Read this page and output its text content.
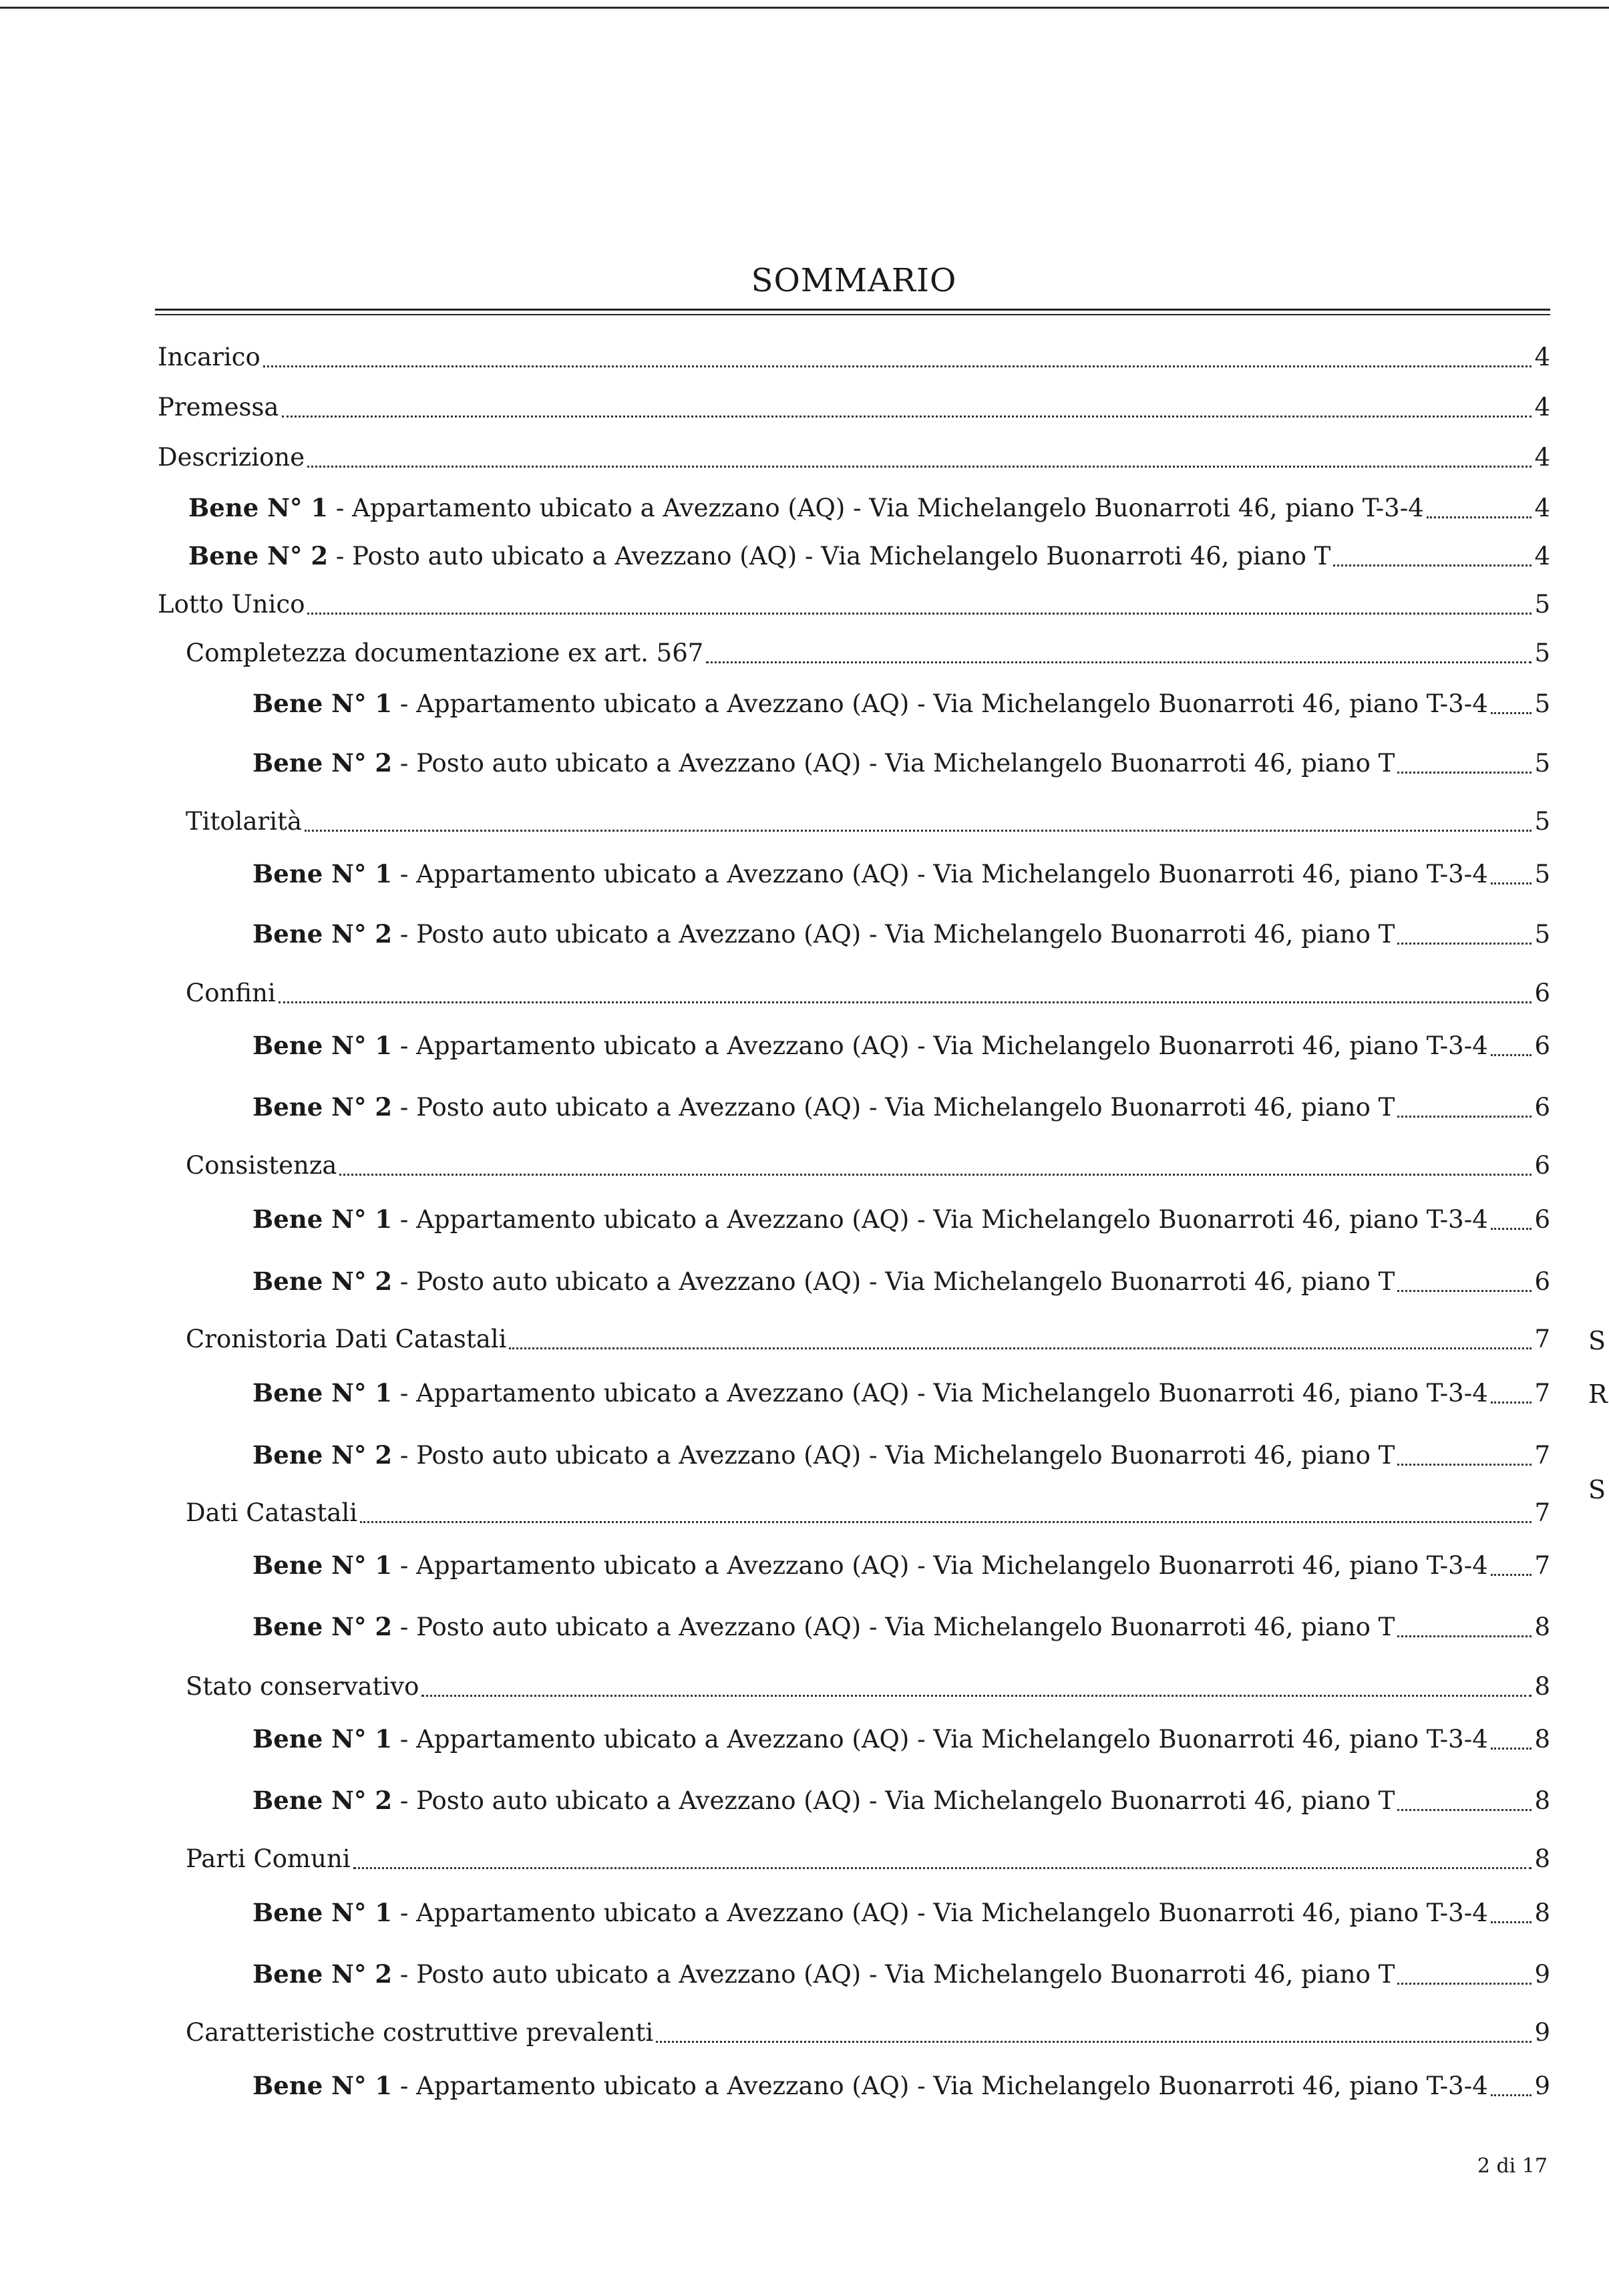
SOMMARIO
Incarico	4
Premessa	4
Descrizione	4
Bene N° 1 - Appartamento ubicato a Avezzano (AQ) - Via Michelangelo Buonarroti 46, piano T-3-4	4
Bene N° 2 - Posto auto ubicato a Avezzano (AQ) - Via Michelangelo Buonarroti 46, piano T	4
Lotto Unico	5
Completezza documentazione ex art. 567	5
Bene N° 1 - Appartamento ubicato a Avezzano (AQ) - Via Michelangelo Buonarroti 46, piano T-3-4 5
Bene N° 2 - Posto auto ubicato a Avezzano (AQ) - Via Michelangelo Buonarroti 46, piano T	5
Titolarità	5
Bene N° 1 - Appartamento ubicato a Avezzano (AQ) - Via Michelangelo Buonarroti 46, piano T-3-4 5
Bene N° 2 - Posto auto ubicato a Avezzano (AQ) - Via Michelangelo Buonarroti 46, piano T	5
Confini	6
Bene N° 1 - Appartamento ubicato a Avezzano (AQ) - Via Michelangelo Buonarroti 46, piano T-3-4 6
Bene N° 2 - Posto auto ubicato a Avezzano (AQ) - Via Michelangelo Buonarroti 46, piano T	6
Consistenza	6
Bene N° 1 - Appartamento ubicato a Avezzano (AQ) - Via Michelangelo Buonarroti 46, piano T-3-4 6
Bene N° 2 - Posto auto ubicato a Avezzano (AQ) - Via Michelangelo Buonarroti 46, piano T	6
Cronistoria Dati Catastali	7
Bene N° 1 - Appartamento ubicato a Avezzano (AQ) - Via Michelangelo Buonarroti 46, piano T-3-4 7
Bene N° 2 - Posto auto ubicato a Avezzano (AQ) - Via Michelangelo Buonarroti 46, piano T	7
Dati Catastali	7
Bene N° 1 - Appartamento ubicato a Avezzano (AQ) - Via Michelangelo Buonarroti 46, piano T-3-4 7
Bene N° 2 - Posto auto ubicato a Avezzano (AQ) - Via Michelangelo Buonarroti 46, piano T	8
Stato conservativo	8
Bene N° 1 - Appartamento ubicato a Avezzano (AQ) - Via Michelangelo Buonarroti 46, piano T-3-4 8
Bene N° 2 - Posto auto ubicato a Avezzano (AQ) - Via Michelangelo Buonarroti 46, piano T	8
Parti Comuni	8
Bene N° 1 - Appartamento ubicato a Avezzano (AQ) - Via Michelangelo Buonarroti 46, piano T-3-4 8
Bene N° 2 - Posto auto ubicato a Avezzano (AQ) - Via Michelangelo Buonarroti 46, piano T	9
Caratteristiche costruttive prevalenti	9
Bene N° 1 - Appartamento ubicato a Avezzano (AQ) - Via Michelangelo Buonarroti 46, piano T-3-4 9
S
R
S
2 di 17
